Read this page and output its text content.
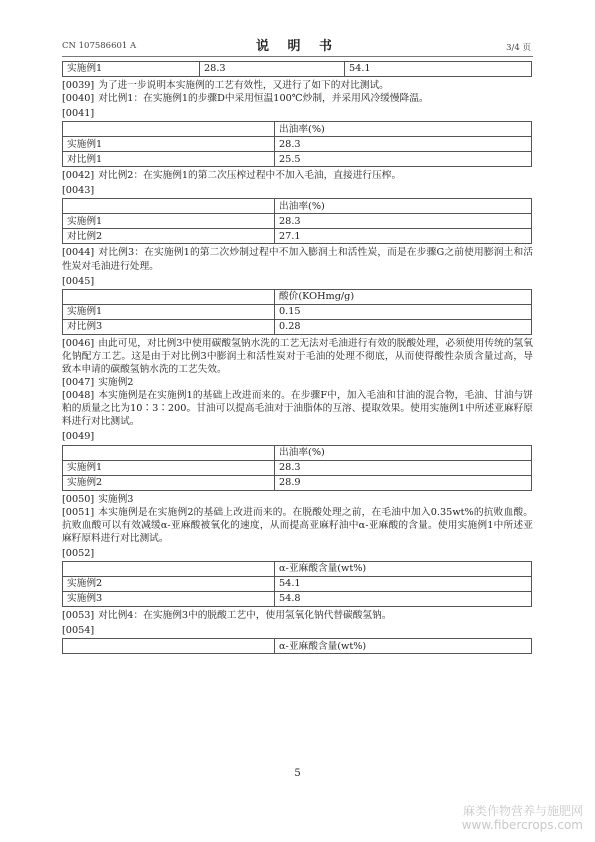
CN 107586601 A	说 明 书	3/4 页
实施例1	28.3	54.1
[0039] 为了进一步说明本实施例的工艺有效性，又进行了如下的对比测试。
[0040] 对比例1：在实施例1的步骤D中采用恒温100℃炒制，并采用风冷缓慢降温。
[0041]
	出油率(%)
实施例1	28.3
对比例1	25.5
[0042] 对比例2：在实施例1的第二次压榨过程中不加入毛油，直接进行压榨。
[0043]
	出油率(%)
实施例1	28.3
对比例2	27.1
[0044] 对比例3：在实施例1的第二次炒制过程中不加入膨润土和活性炭，而是在步骤G之前使用膨润土和活性炭对毛油进行处理。
[0045]
	酸价(KOHmg/g)
实施例1	0.15
对比例3	0.28
[0046] 由此可见，对比例3中使用碳酸氢钠水洗的工艺无法对毛油进行有效的脱酸处理，必须使用传统的氢氧化钠配方工艺。这是由于对比例3中膨润土和活性炭对于毛油的处理不彻底，从而使得酸性杂质含量过高，导致本申请的碳酸氢钠水洗的工艺失效。
[0047] 实施例2
[0048] 本实施例是在实施例1的基础上改进而来的。在步骤F中，加入毛油和甘油的混合物，毛油、甘油与饼粕的质量之比为10∶3∶200。甘油可以提高毛油对于油脂体的互溶、提取效果。使用实施例1中所述亚麻籽原料进行对比测试。
[0049]
	出油率(%)
实施例1	28.3
实施例2	28.9
[0050] 实施例3
[0051] 本实施例是在实施例2的基础上改进而来的。在脱酸处理之前，在毛油中加入0.35wt%的抗败血酸。抗败血酸可以有效减缓α-亚麻酸被氧化的速度，从而提高亚麻籽油中α-亚麻酸的含量。使用实施例1中所述亚麻籽原料进行对比测试。
[0052]
	α-亚麻酸含量(wt%)
实施例2	54.1
实施例3	54.8
[0053] 对比例4：在实施例3中的脱酸工艺中，使用氢氧化钠代替碳酸氢钠。
[0054]
	α-亚麻酸含量(wt%)
5
麻类作物营养与施肥网
www.fibercrops.com
